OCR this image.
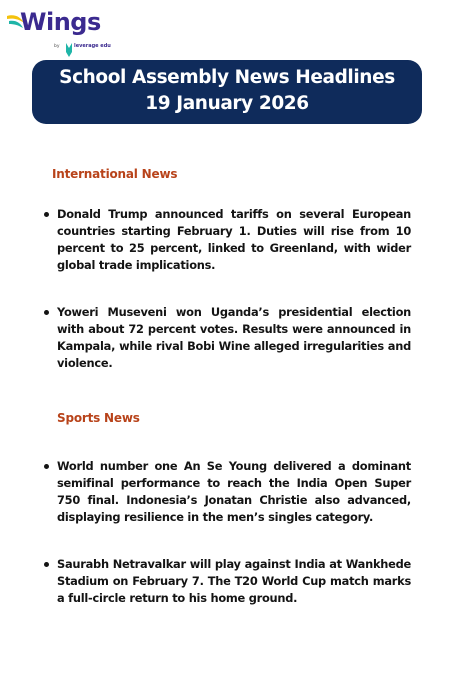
Wings
by	leverage edu
School Assembly News Headlines
19 January 2026
International News
Donald Trump announced tariffs on several European countries starting February 1. Duties will rise from 10 percent to 25 percent, linked to Greenland, with wider global trade implications.
Yoweri Museveni won Uganda’s presidential election with about 72 percent votes. Results were announced in Kampala, while rival Bobi Wine alleged irregularities and violence.
Sports News
World number one An Se Young delivered a dominant semifinal performance to reach the India Open Super 750 final. Indonesia’s Jonatan Christie also advanced, displaying resilience in the men’s singles category.
Saurabh Netravalkar will play against India at Wankhede Stadium on February 7. The T20 World Cup match marks a full-circle return to his home ground.
